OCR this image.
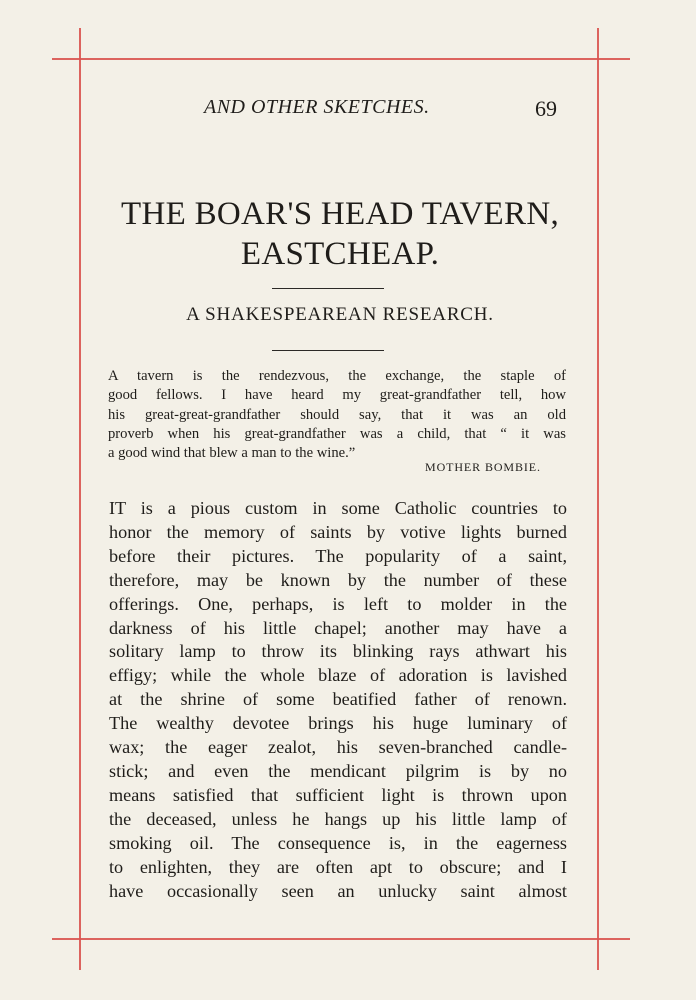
AND OTHER SKETCHES.	69
THE BOAR'S HEAD TAVERN,
EASTCHEAP.
A SHAKESPEAREAN RESEARCH.
A tavern is the rendezvous, the exchange, the staple of
good fellows. I have heard my great-grandfather tell, how
his great-great-grandfather should say, that it was an old
proverb when his great-grandfather was a child, that “ it was
a good wind that blew a man to the wine.”
MOTHER BOMBIE.
IT is a pious custom in some Catholic countries to
honor the memory of saints by votive lights burned
before their pictures. The popularity of a saint,
therefore, may be known by the number of these
offerings. One, perhaps, is left to molder in the
darkness of his little chapel; another may have a
solitary lamp to throw its blinking rays athwart his
effigy; while the whole blaze of adoration is lavished
at the shrine of some beatified father of renown.
The wealthy devotee brings his huge luminary of
wax; the eager zealot, his seven-branched candle-
stick; and even the mendicant pilgrim is by no
means satisfied that sufficient light is thrown upon
the deceased, unless he hangs up his little lamp of
smoking oil. The consequence is, in the eagerness
to enlighten, they are often apt to obscure; and I
have occasionally seen an unlucky saint almost
